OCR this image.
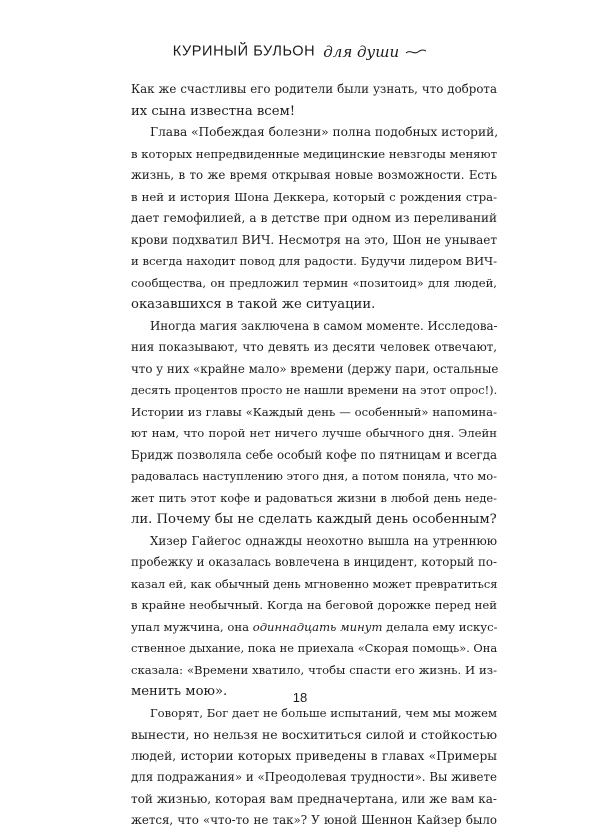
КУРИНЫЙ БУЛЬОН для души
Как же счастливы его родители были узнать, что доброта
их сына известна всем!
Глава «Побеждая болезни» полна подобных историй,
в которых непредвиденные медицинские невзгоды меняют
жизнь, в то же время открывая новые возможности. Есть
в ней и история Шона Деккера, который с рождения стра-
дает гемофилией, а в детстве при одном из переливаний
крови подхватил ВИЧ. Несмотря на это, Шон не унывает
и всегда находит повод для радости. Будучи лидером ВИЧ-
сообщества, он предложил термин «позитоид» для людей,
оказавшихся в такой же ситуации.
Иногда магия заключена в самом моменте. Исследова-
ния показывают, что девять из десяти человек отвечают,
что у них «крайне мало» времени (держу пари, остальные
десять процентов просто не нашли времени на этот опрос!).
Истории из главы «Каждый день — особенный» напомина-
ют нам, что порой нет ничего лучше обычного дня. Элейн
Бридж позволяла себе особый кофе по пятницам и всегда
радовалась наступлению этого дня, а потом поняла, что мо-
жет пить этот кофе и радоваться жизни в любой день неде-
ли. Почему бы не сделать каждый день особенным?
Хизер Гайегос однажды неохотно вышла на утреннюю
пробежку и оказалась вовлечена в инцидент, который по-
казал ей, как обычный день мгновенно может превратиться
в крайне необычный. Когда на беговой дорожке перед ней
упал мужчина, она одиннадцать минут делала ему искус-
ственное дыхание, пока не приехала «Скорая помощь». Она
сказала: «Времени хватило, чтобы спасти его жизнь. И из-
менить мою».
Говорят, Бог дает не больше испытаний, чем мы можем
вынести, но нельзя не восхититься силой и стойкостью
людей, истории которых приведены в главах «Примеры
для подражания» и «Преодолевая трудности». Вы живете
той жизнью, которая вам предначертана, или же вам ка-
жется, что «что-то не так»? У юной Шеннон Кайзер было
18
